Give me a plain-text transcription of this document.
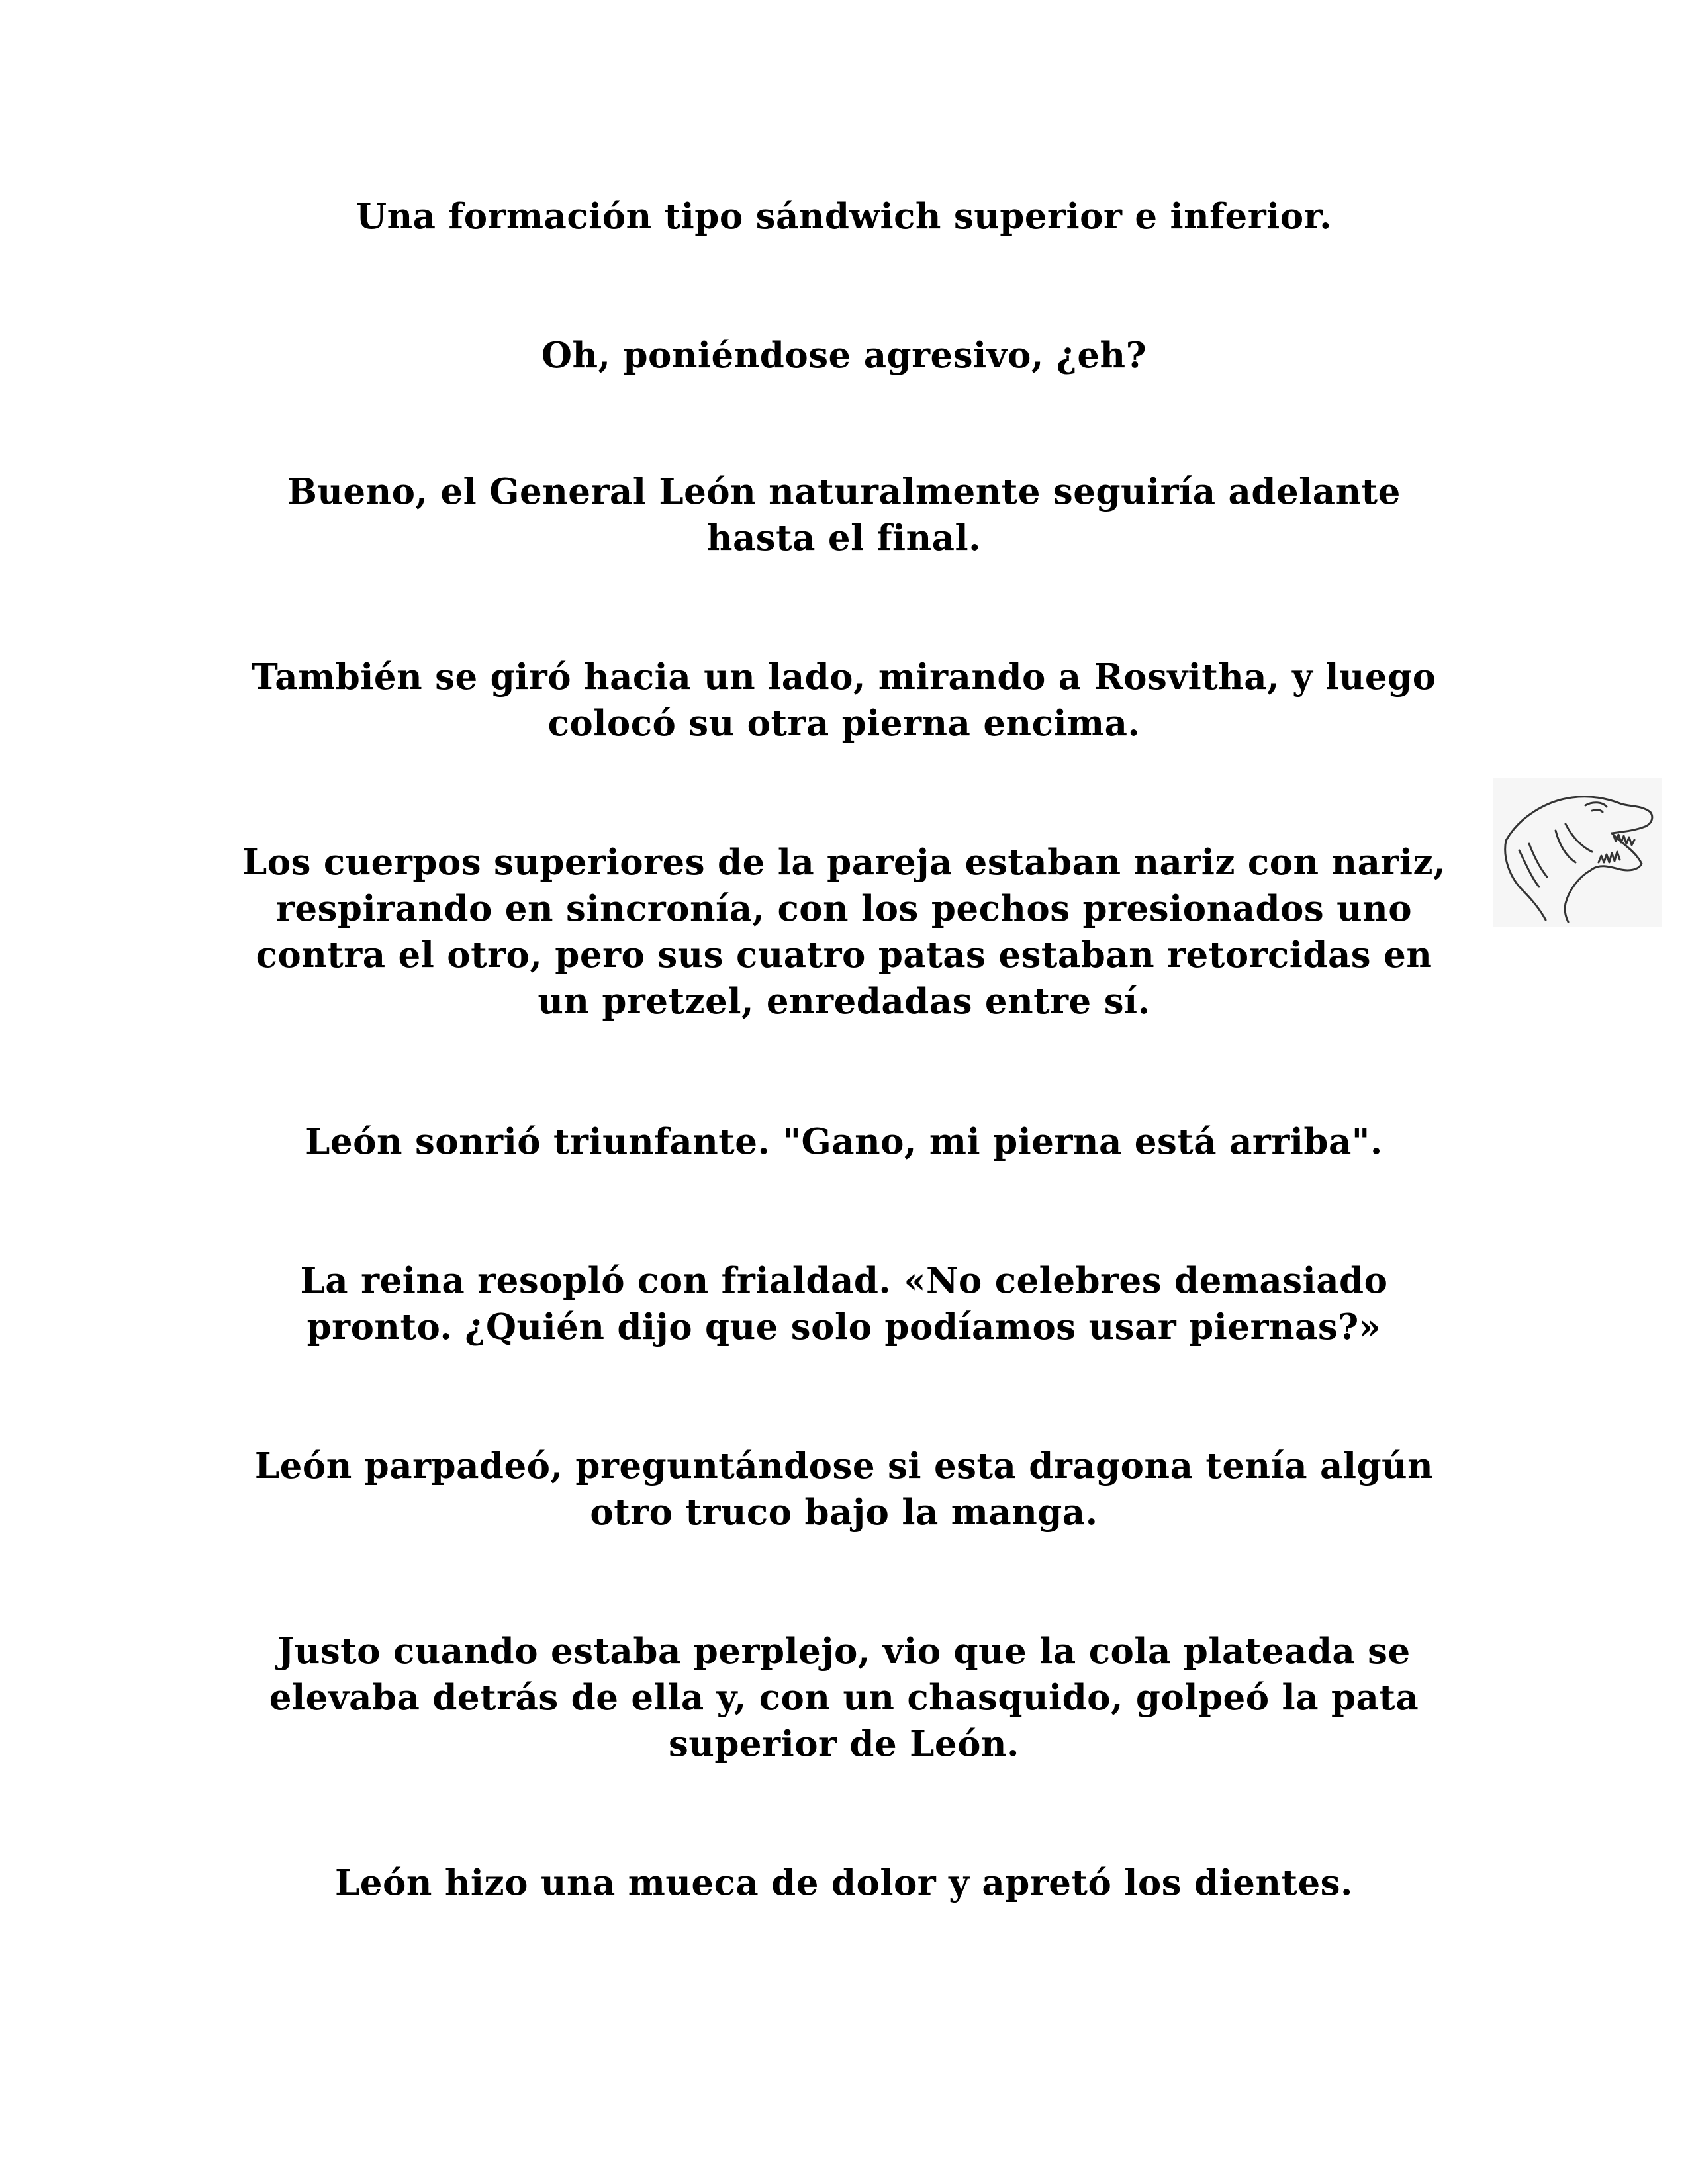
Una formación tipo sándwich superior e inferior.

Oh, poniéndose agresivo, ¿eh?

Bueno, el General León naturalmente seguiría adelante hasta el final.

También se giró hacia un lado, mirando a Rosvitha, y luego colocó su otra pierna encima.

Los cuerpos superiores de la pareja estaban nariz con nariz, respirando en sincronía, con los pechos presionados uno contra el otro, pero sus cuatro patas estaban retorcidas en un pretzel, enredadas entre sí.

León sonrió triunfante. "Gano, mi pierna está arriba".

La reina resopló con frialdad. «No celebres demasiado pronto. ¿Quién dijo que solo podíamos usar piernas?»

León parpadeó, preguntándose si esta dragona tenía algún otro truco bajo la manga.

Justo cuando estaba perplejo, vio que la cola plateada se elevaba detrás de ella y, con un chasquido, golpeó la pata superior de León.

León hizo una mueca de dolor y apretó los dientes.
